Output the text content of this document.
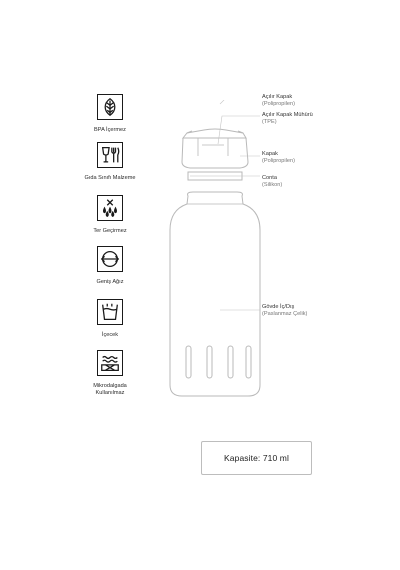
BPA İçermez
Gıda Sınıfı Malzeme
Ter Geçirmez
Geniş Ağız
İçecek
Mikrodalgada
Kullanılmaz
Açılır Kapak
(Polipropilen)
Açılır Kapak Mühürü
(TPE)
Kapak
(Polipropilen)
Conta
(Silikon)
Gövde İç/Dış
(Paslanmaz Çelik)
Kapasite: 710 ml
